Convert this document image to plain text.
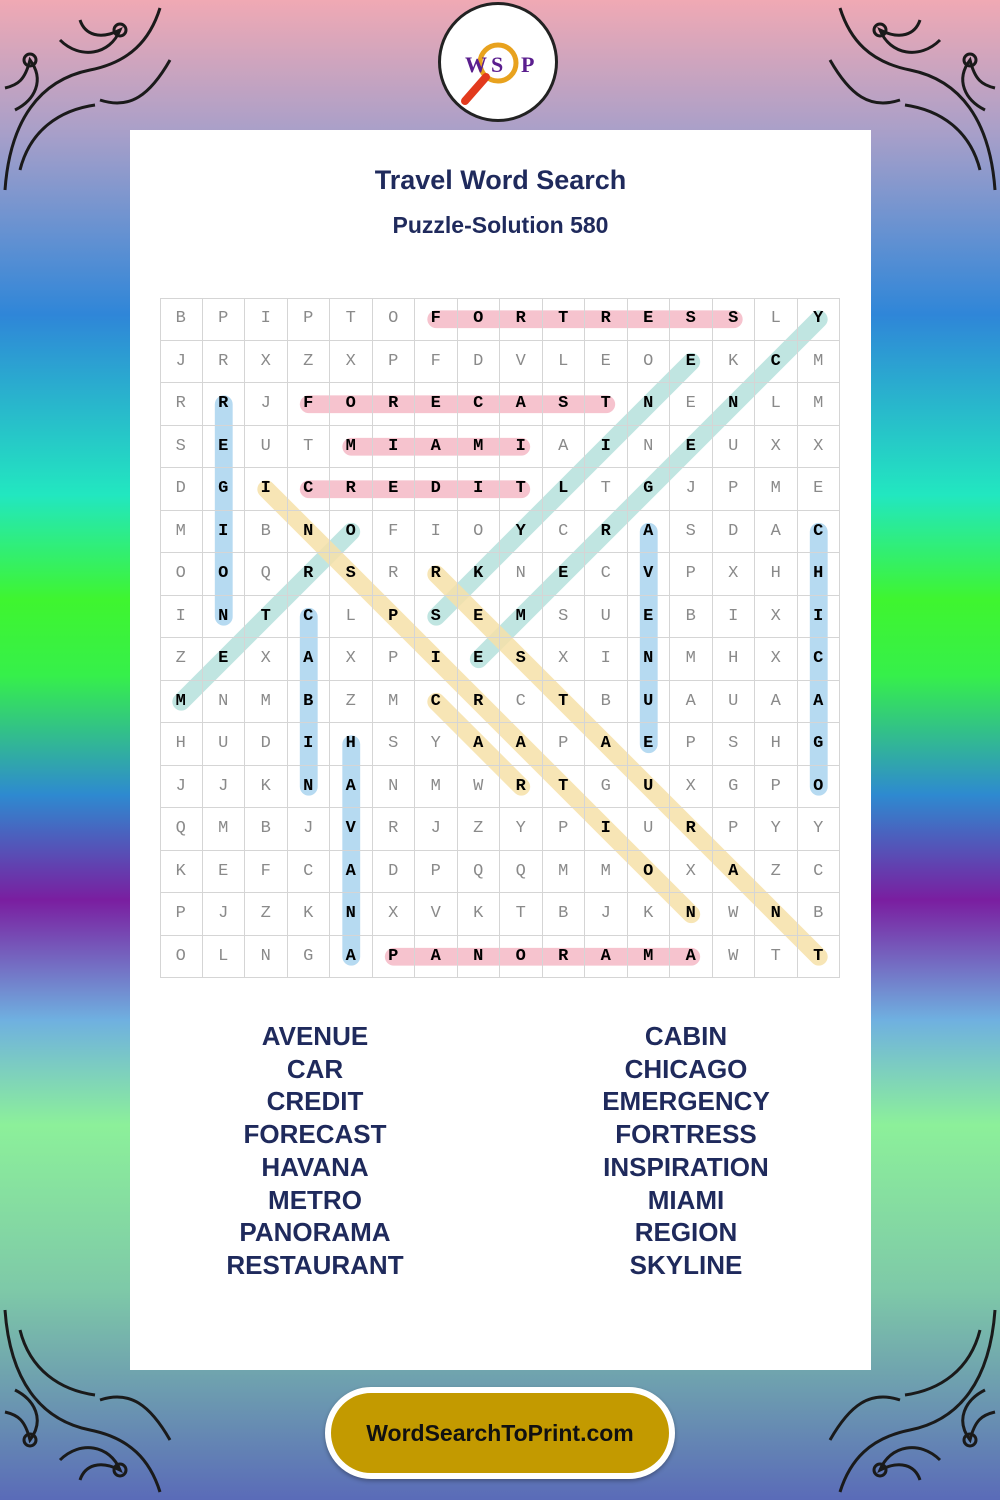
W S P
Travel Word Search
Puzzle-Solution 580
B	P	I	P	T	O	F	O	R	T	R	E	S	S	L	Y
J	R	X	Z	X	P	F	D	V	L	E	O	E	K	C	M
R	R	J	F	O	R	E	C	A	S	T	N	E	N	L	M
S	E	U	T	M	I	A	M	I	A	I	N	E	U	X	X
D	G	I	C	R	E	D	I	T	L	T	G	J	P	M	E
M	I	B	N	O	F	I	O	Y	C	R	A	S	D	A	C
O	O	Q	R	S	R	R	K	N	E	C	V	P	X	H	H
I	N	T	C	L	P	S	E	M	S	U	E	B	I	X	I
Z	E	X	A	X	P	I	E	S	X	I	N	M	H	X	C
M	N	M	B	Z	M	C	R	C	T	B	U	A	U	A	A
H	U	D	I	H	S	Y	A	A	P	A	E	P	S	H	G
J	J	K	N	A	N	M	W	R	T	G	U	X	G	P	O
Q	M	B	J	V	R	J	Z	Y	P	I	U	R	P	Y	Y
K	E	F	C	A	D	P	Q	Q	M	M	O	X	A	Z	C
P	J	Z	K	N	X	V	K	T	B	J	K	N	W	N	B
O	L	N	G	A	P	A	N	O	R	A	M	A	W	T	T
AVENUE
CAR
CREDIT
FORECAST
HAVANA
METRO
PANORAMA
RESTAURANT
CABIN
CHICAGO
EMERGENCY
FORTRESS
INSPIRATION
MIAMI
REGION
SKYLINE
WordSearchToPrint.com
